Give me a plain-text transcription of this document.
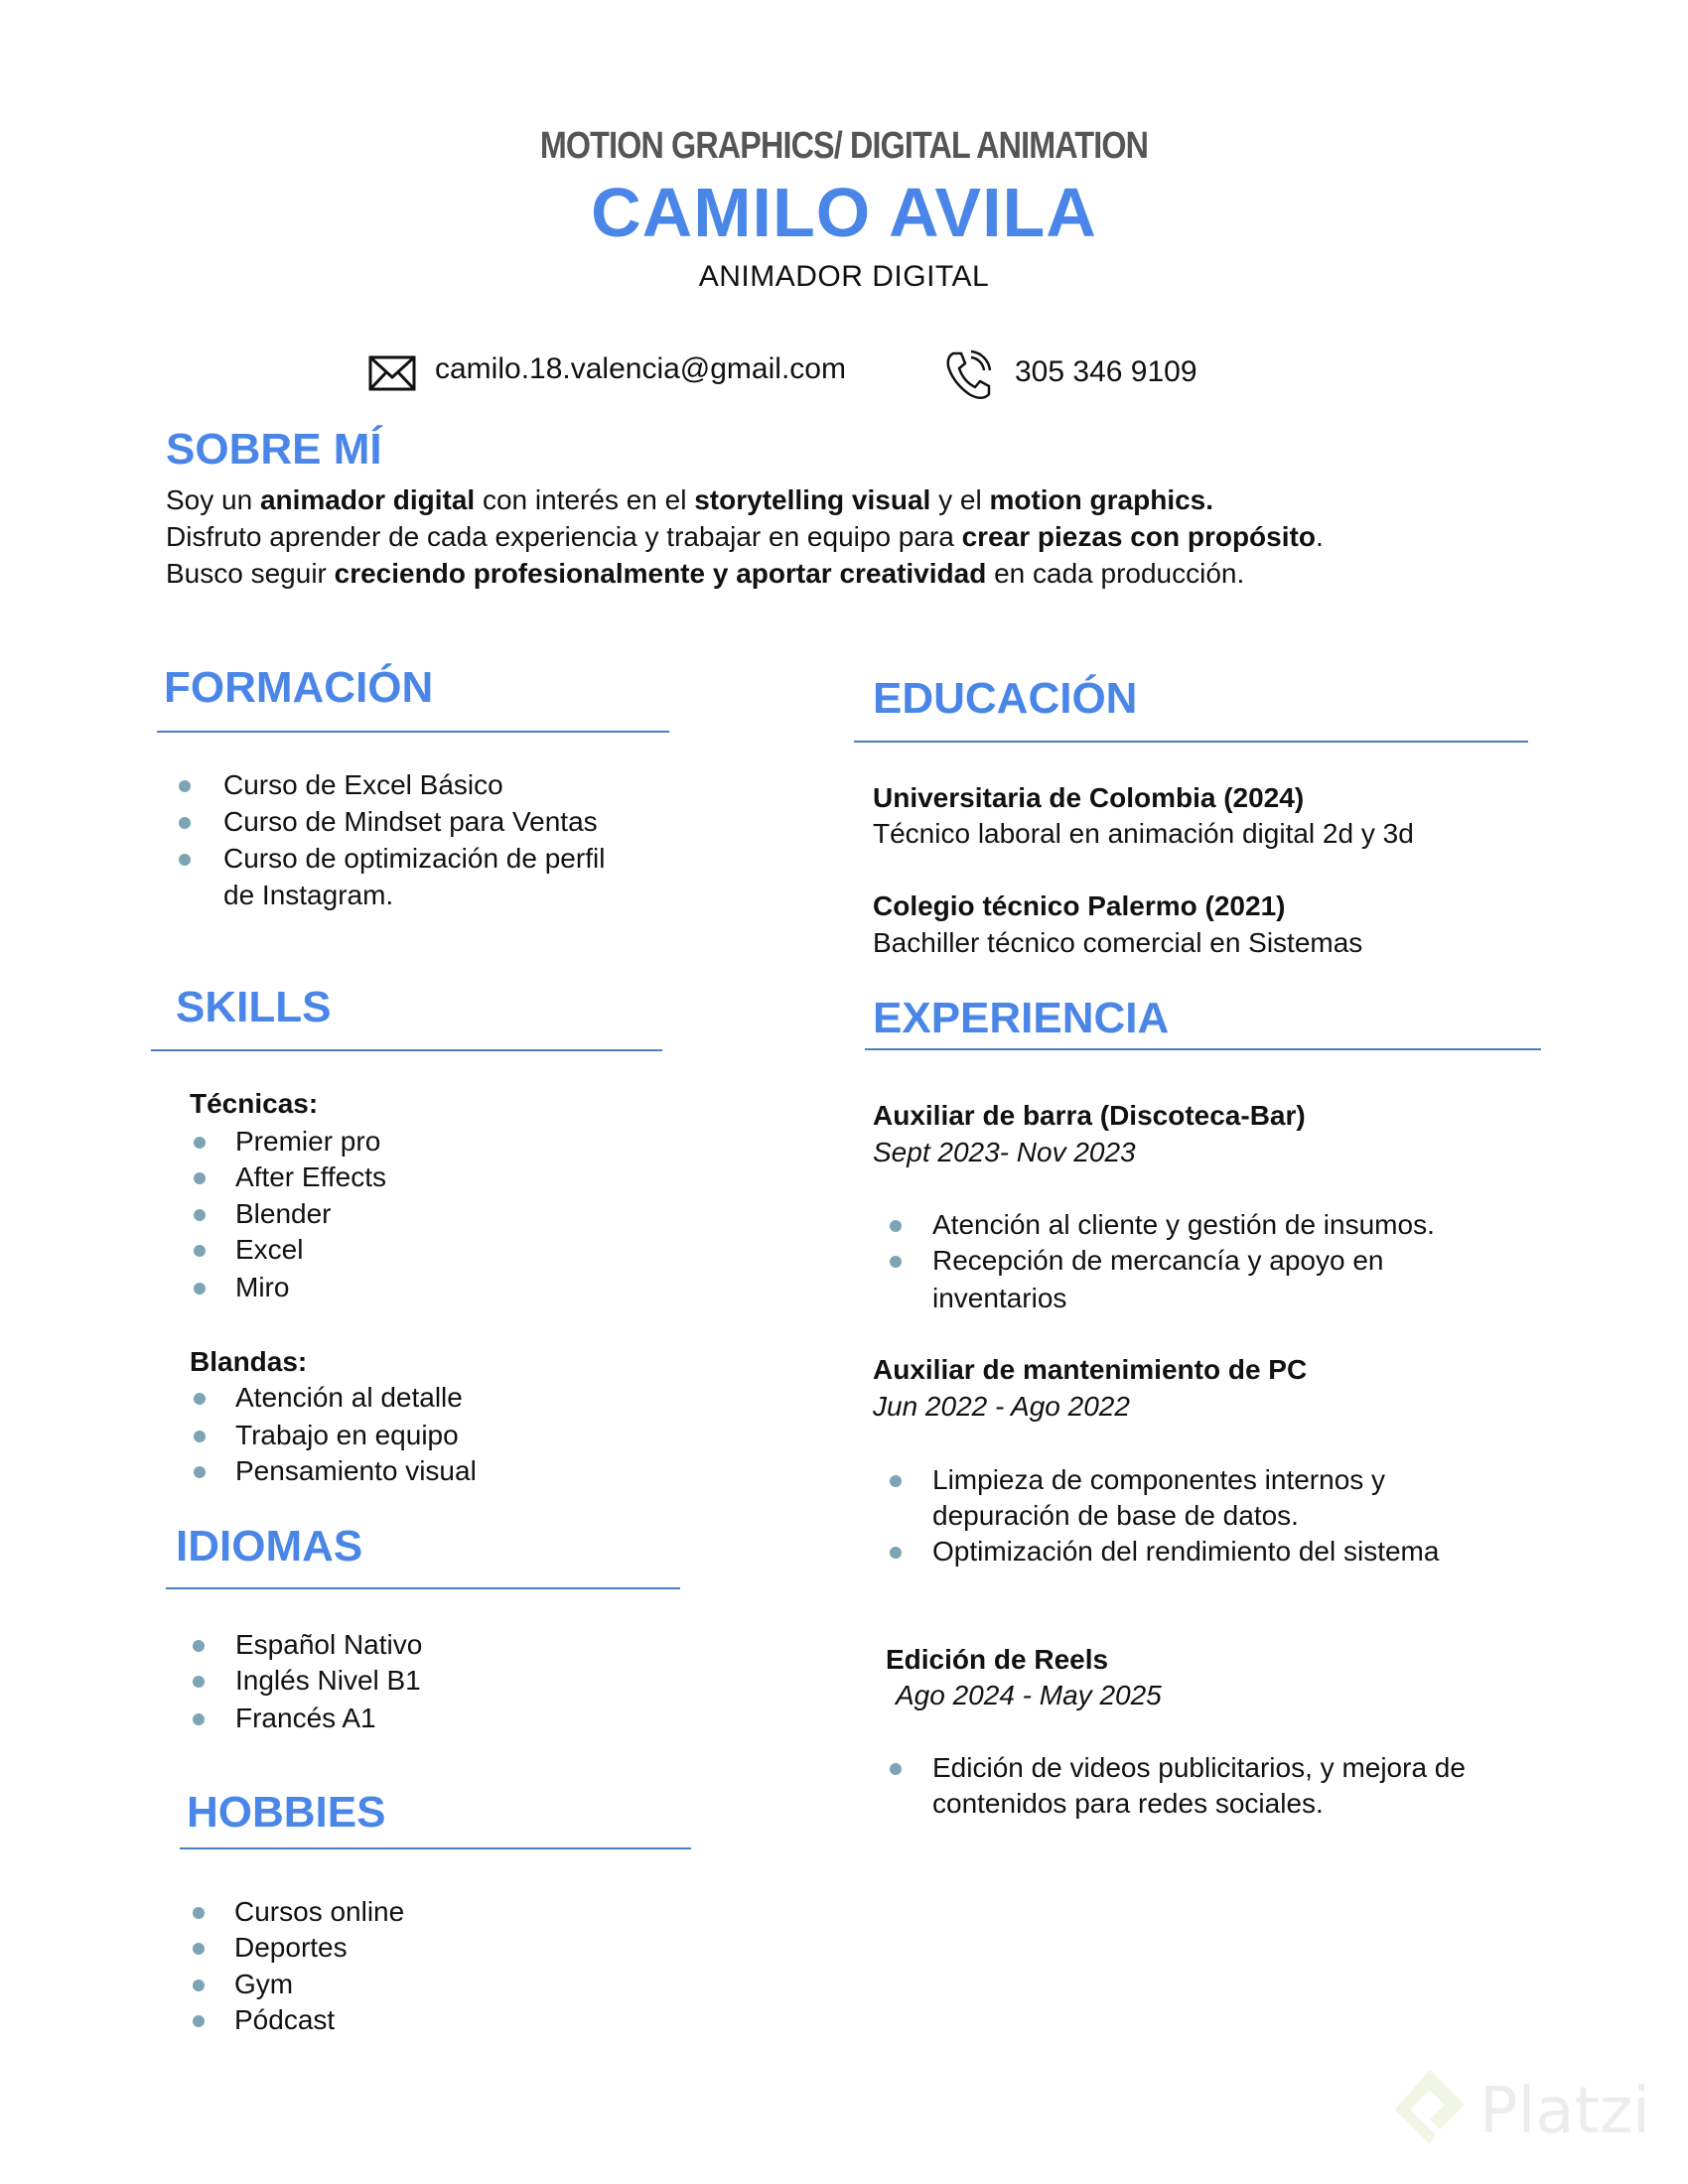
MOTION GRAPHICS/ DIGITAL ANIMATION
CAMILO AVILA
ANIMADOR DIGITAL
camilo.18.valencia@gmail.com	305 346 9109
SOBRE MÍ
Soy un animador digital con interés en el storytelling visual y el motion graphics.
Disfruto aprender de cada experiencia y trabajar en equipo para crear piezas con propósito.
Busco seguir creciendo profesionalmente y aportar creatividad en cada producción.
FORMACIÓN
Curso de Excel Básico
Curso de Mindset para Ventas
Curso de optimización de perfil
de Instagram.
SKILLS
Técnicas:
Premier pro
After Effects
Blender
Excel
Miro
Blandas:
Atención al detalle
Trabajo en equipo
Pensamiento visual
IDIOMAS
Español Nativo
Inglés Nivel B1
Francés A1
HOBBIES
Cursos online
Deportes
Gym
Pódcast
EDUCACIÓN
Universitaria de Colombia (2024)
Técnico laboral en animación digital 2d y 3d
Colegio técnico Palermo (2021)
Bachiller técnico comercial en Sistemas
EXPERIENCIA
Auxiliar de barra (Discoteca-Bar)
Sept 2023- Nov 2023
Atención al cliente y gestión de insumos.
Recepción de mercancía y apoyo en
inventarios
Auxiliar de mantenimiento de PC
Jun 2022 - Ago 2022
Limpieza de componentes internos y
depuración de base de datos.
Optimización del rendimiento del sistema
Edición de Reels
Ago 2024 - May 2025
Edición de videos publicitarios, y mejora de
contenidos para redes sociales.
Platzi
